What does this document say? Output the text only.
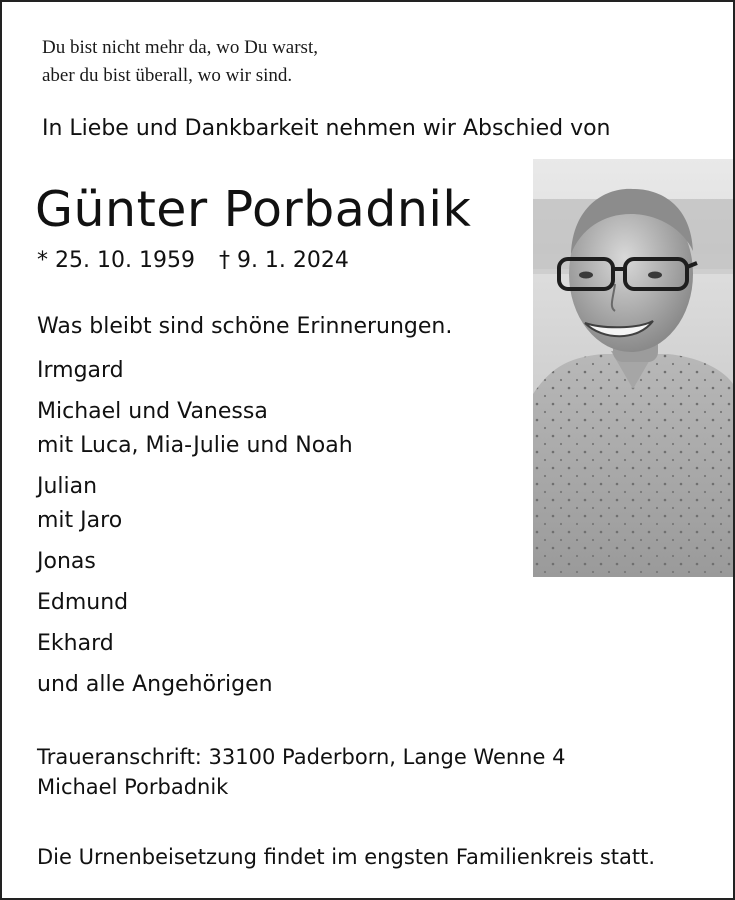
Du bist nicht mehr da, wo Du warst,
aber du bist überall, wo wir sind.
In Liebe und Dankbarkeit nehmen wir Abschied von
Günter Porbadnik
* 25. 10. 1959 † 9. 1. 2024
Was bleibt sind schöne Erinnerungen.
Irmgard
Michael und Vanessa
mit Luca, Mia-Julie und Noah
Julian
mit Jaro
Jonas
Edmund
Ekhard
und alle Angehörigen
Traueranschrift: 33100 Paderborn, Lange Wenne 4
Michael Porbadnik
Die Urnenbeisetzung findet im engsten Familienkreis statt.
